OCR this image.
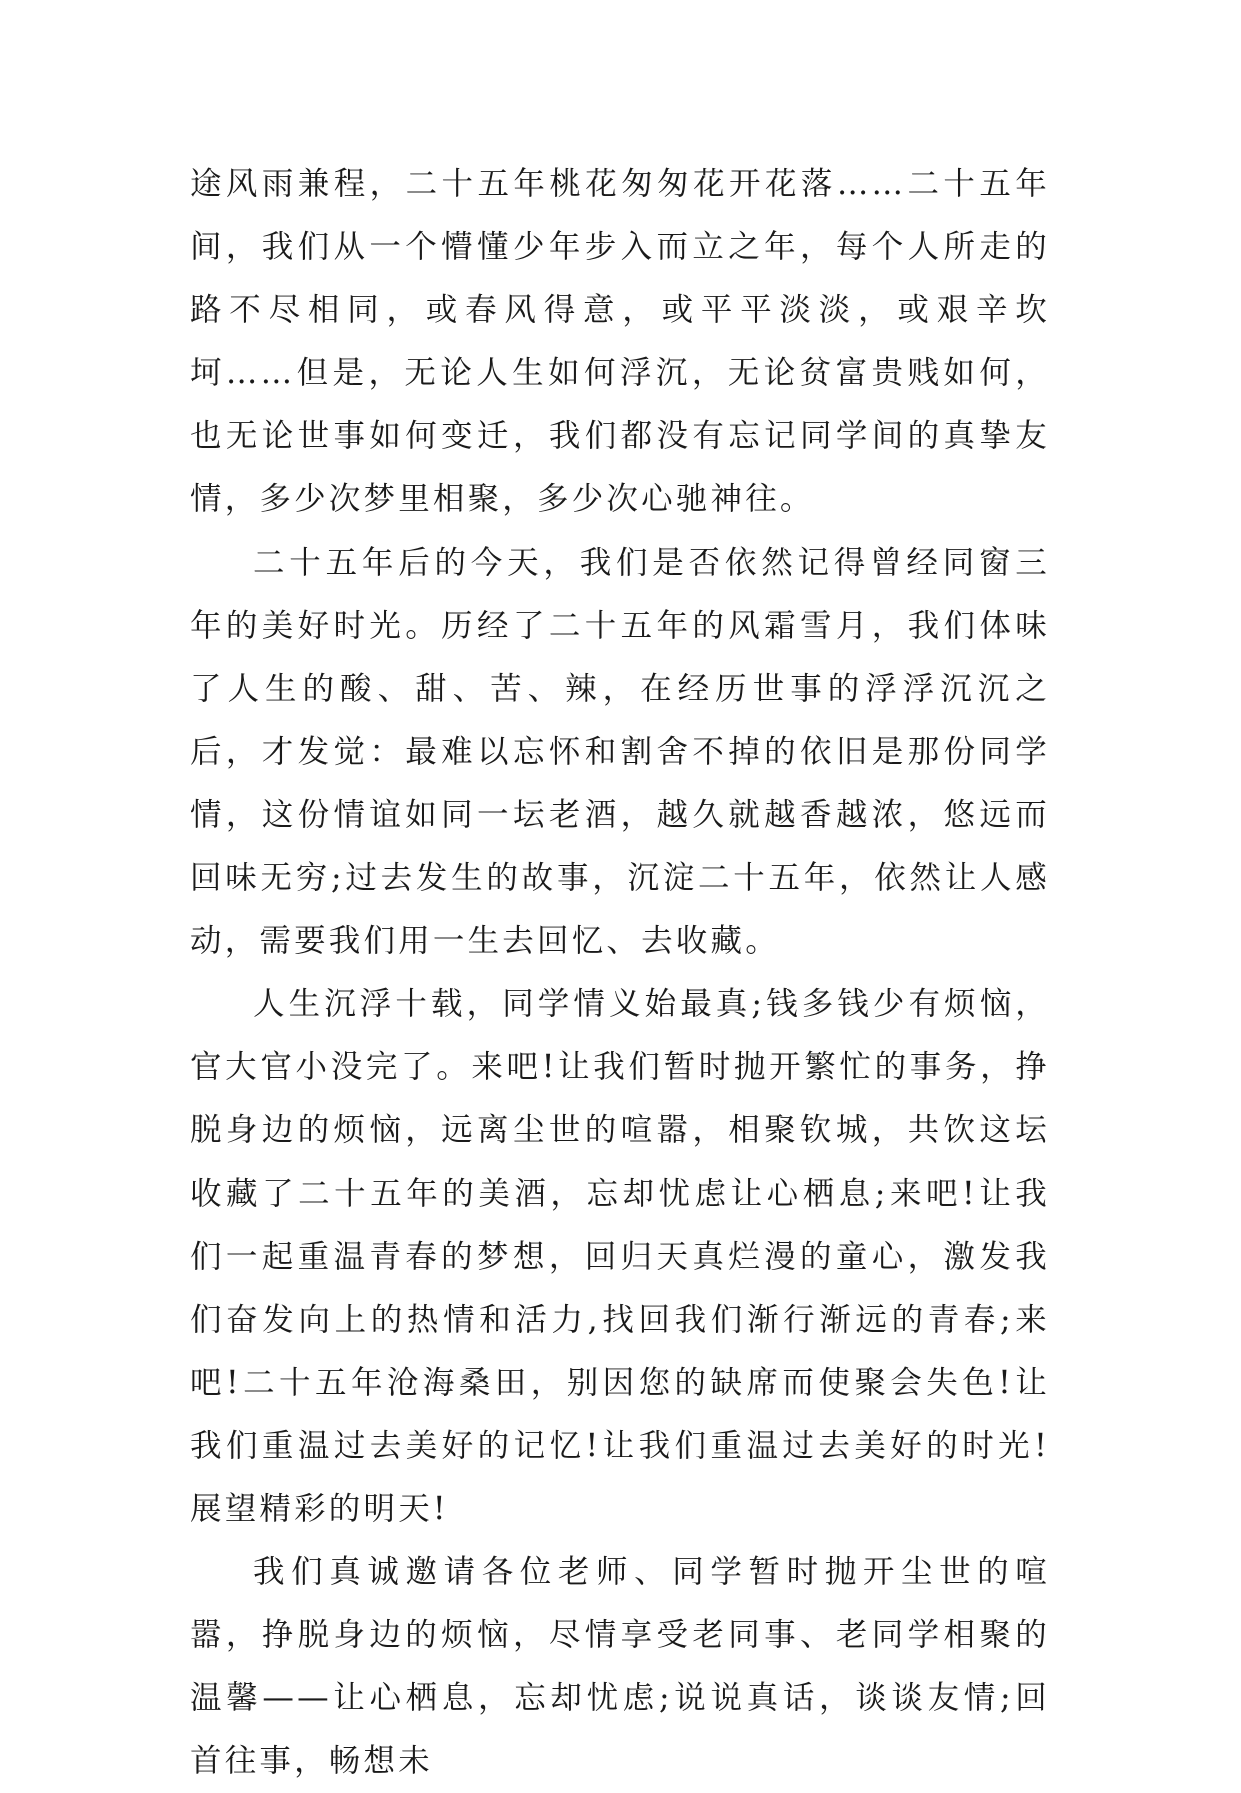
途风雨兼程，二十五年桃花匆匆花开花落……二十五年间，我们从一个懵懂少年步入而立之年，每个人所走的路不尽相同，或春风得意，或平平淡淡，或艰辛坎坷……但是，无论人生如何浮沉，无论贫富贵贱如何，也无论世事如何变迁，我们都没有忘记同学间的真挚友情，多少次梦里相聚，多少次心驰神往。

二十五年后的今天，我们是否依然记得曾经同窗三年的美好时光。历经了二十五年的风霜雪月，我们体味了人生的酸、甜、苦、辣，在经历世事的浮浮沉沉之后，才发觉：最难以忘怀和割舍不掉的依旧是那份同学情，这份情谊如同一坛老酒，越久就越香越浓，悠远而回味无穷;过去发生的故事，沉淀二十五年，依然让人感动，需要我们用一生去回忆、去收藏。

人生沉浮十载，同学情义始最真;钱多钱少有烦恼，官大官小没完了。来吧!让我们暂时抛开繁忙的事务，挣脱身边的烦恼，远离尘世的喧嚣，相聚钦城，共饮这坛收藏了二十五年的美酒，忘却忧虑让心栖息;来吧!让我们一起重温青春的梦想，回归天真烂漫的童心，激发我们奋发向上的热情和活力,找回我们渐行渐远的青春;来吧!二十五年沧海桑田，别因您的缺席而使聚会失色!让我们重温过去美好的记忆!让我们重温过去美好的时光!展望精彩的明天!

我们真诚邀请各位老师、同学暂时抛开尘世的喧嚣，挣脱身边的烦恼，尽情享受老同事、老同学相聚的温馨——让心栖息，忘却忧虑;说说真话，谈谈友情;回首往事，畅想未
